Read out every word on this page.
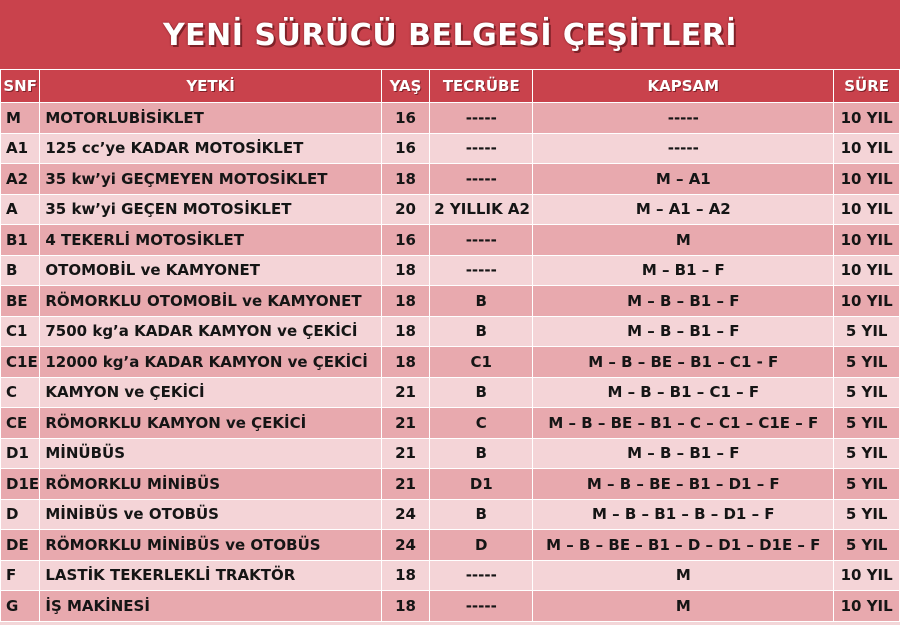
YENİ SÜRÜCÜ BELGESİ ÇEŞİTLERİ
SNF	YETKİ	YAŞ	TECRÜBE	KAPSAM	SÜRE
M	MOTORLUBİSİKLET	16	-----	-----	10 YIL
A1	125 cc’ye KADAR MOTOSİKLET	16	-----	-----	10 YIL
A2	35 kw’yi GEÇMEYEN MOTOSİKLET	18	-----	M – A1	10 YIL
A	35 kw’yi GEÇEN MOTOSİKLET	20	2 YILLIK A2	M – A1 – A2	10 YIL
B1	4 TEKERLİ MOTOSİKLET	16	-----	M	10 YIL
B	OTOMOBİL ve KAMYONET	18	-----	M – B1 – F	10 YIL
BE	RÖMORKLU OTOMOBİL ve KAMYONET	18	B	M – B – B1 – F	10 YIL
C1	7500 kg’a KADAR KAMYON ve ÇEKİCİ	18	B	M – B – B1 – F	5 YIL
C1E	12000 kg’a KADAR KAMYON ve ÇEKİCİ	18	C1	M – B – BE – B1 – C1 - F	5 YIL
C	KAMYON ve ÇEKİCİ	21	B	M – B – B1 – C1 – F	5 YIL
CE	RÖMORKLU KAMYON ve ÇEKİCİ	21	C	M – B – BE – B1 – C – C1 – C1E – F	5 YIL
D1	MİNÜBÜS	21	B	M – B – B1 – F	5 YIL
D1E	RÖMORKLU MİNİBÜS	21	D1	M – B – BE – B1 – D1 – F	5 YIL
D	MİNİBÜS ve OTOBÜS	24	B	M – B – B1 – B – D1 – F	5 YIL
DE	RÖMORKLU MİNİBÜS ve OTOBÜS	24	D	M – B – BE – B1 – D – D1 – D1E – F	5 YIL
F	LASTİK TEKERLEKLİ TRAKTÖR	18	-----	M	10 YIL
G	İŞ MAKİNESİ	18	-----	M	10 YIL
